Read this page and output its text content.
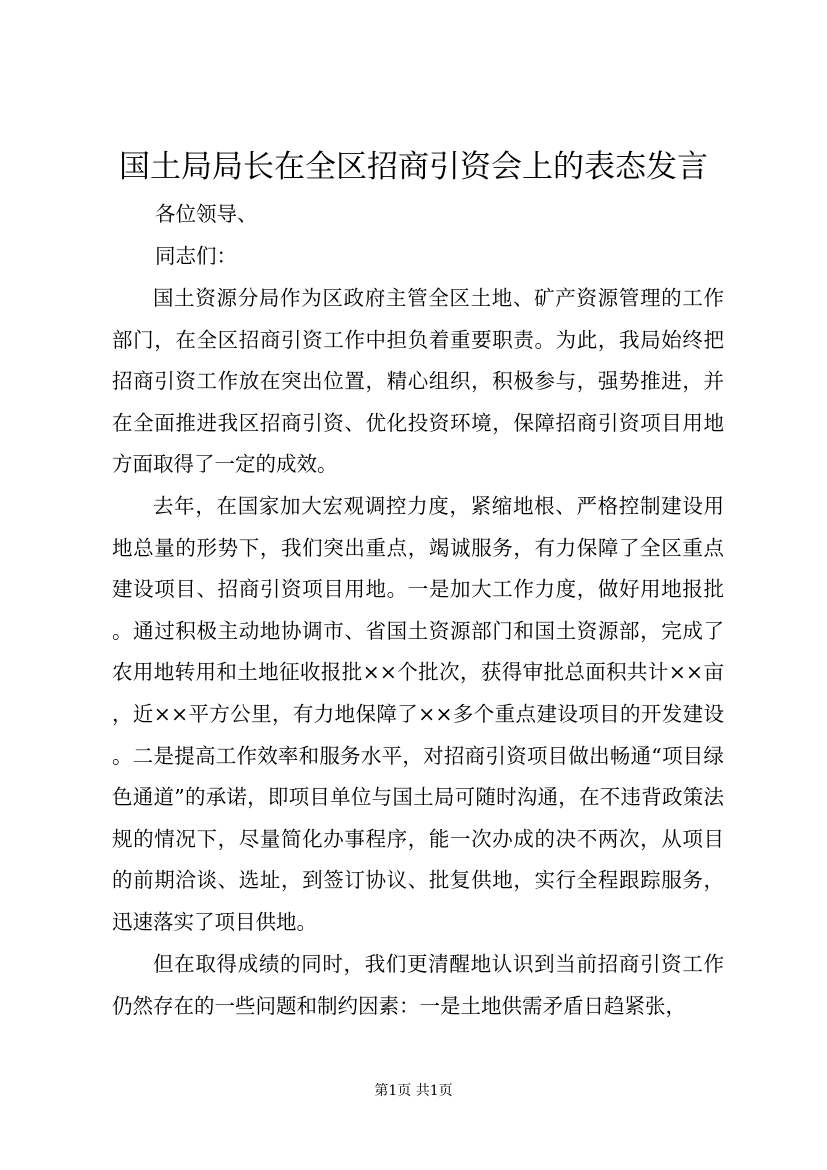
国土局局长在全区招商引资会上的表态发言

各位领导、

同志们：

国土资源分局作为区政府主管全区土地、矿产资源管理的工作部门，在全区招商引资工作中担负着重要职责。为此，我局始终把招商引资工作放在突出位置，精心组织，积极参与，强势推进，并在全面推进我区招商引资、优化投资环境，保障招商引资项目用地方面取得了一定的成效。

去年，在国家加大宏观调控力度，紧缩地根、严格控制建设用地总量的形势下，我们突出重点，竭诚服务，有力保障了全区重点建设项目、招商引资项目用地。一是加大工作力度，做好用地报批。通过积极主动地协调市、省国土资源部门和国土资源部，完成了农用地转用和土地征收报批××个批次，获得审批总面积共计××亩，近××平方公里，有力地保障了××多个重点建设项目的开发建设。二是提高工作效率和服务水平，对招商引资项目做出畅通“项目绿色通道”的承诺，即项目单位与国土局可随时沟通，在不违背政策法规的情况下，尽量简化办事程序，能一次办成的决不两次，从项目的前期洽谈、选址，到签订协议、批复供地，实行全程跟踪服务，迅速落实了项目供地。

但在取得成绩的同时，我们更清醒地认识到当前招商引资工作仍然存在的一些问题和制约因素：一是土地供需矛盾日趋紧张，

第1页 共1页
